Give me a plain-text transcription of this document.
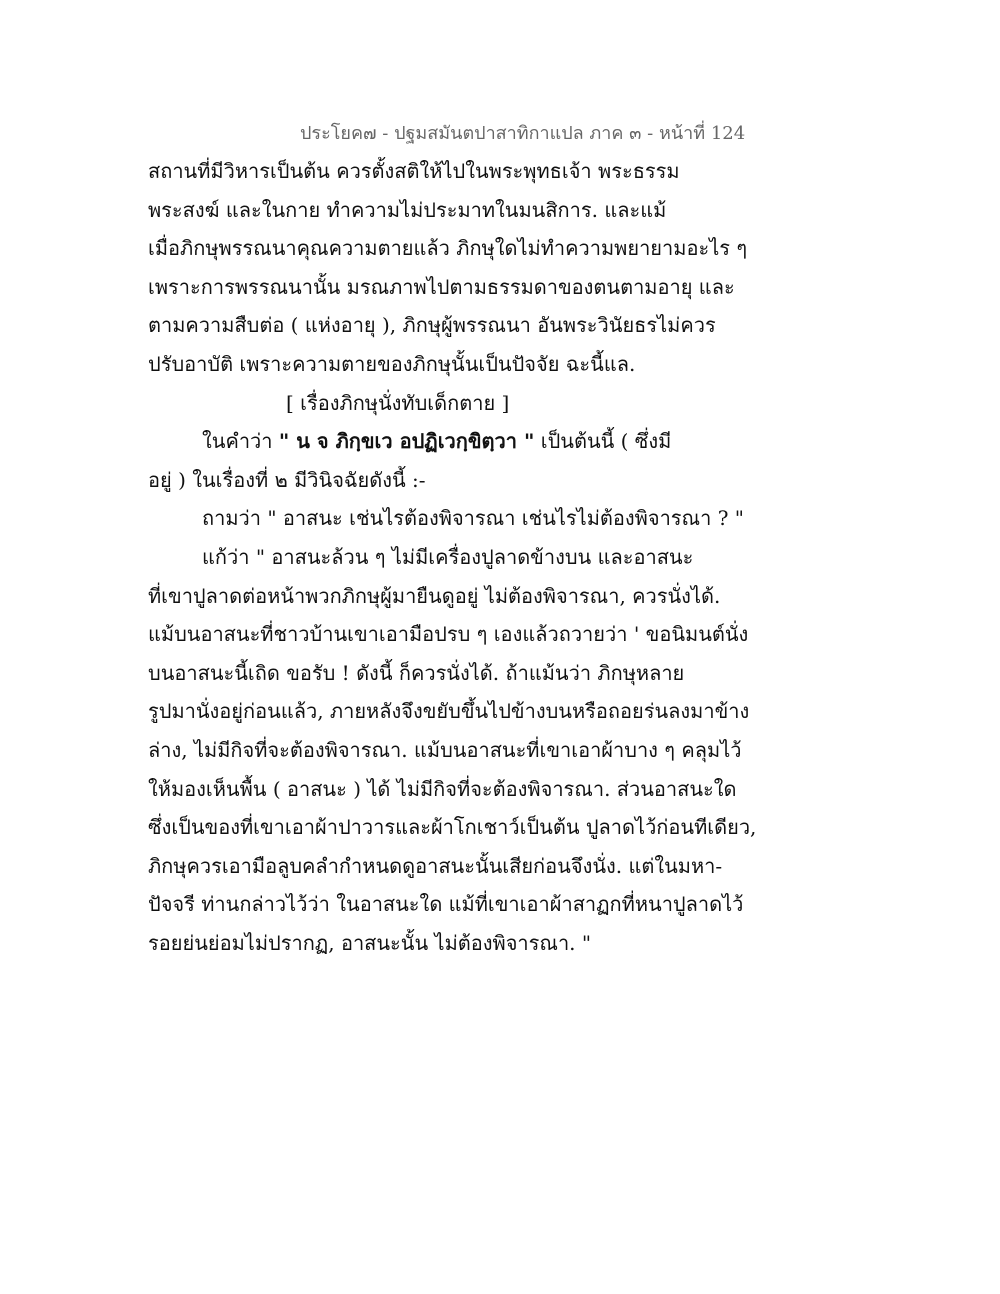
ประโยค๗ - ปฐมสมันตปาสาทิกาแปล ภาค ๓ - หน้าที่ 124
สถานที่มีวิหารเป็นต้น ควรตั้งสติให้ไปในพระพุทธเจ้า พระธรรม
พระสงฆ์ และในกาย ทำความไม่ประมาทในมนสิการ. และแม้
เมื่อภิกษุพรรณนาคุณความตายแล้ว ภิกษุใดไม่ทำความพยายามอะไร ๆ
เพราะการพรรณนานั้น มรณภาพไปตามธรรมดาของตนตามอายุ และ
ตามความสืบต่อ ( แห่งอายุ ), ภิกษุผู้พรรณนา อันพระวินัยธรไม่ควร
ปรับอาบัติ เพราะความตายของภิกษุนั้นเป็นปัจจัย ฉะนี้แล.
[ เรื่องภิกษุนั่งทับเด็กตาย ]
ในคำว่า " น จ ภิกฺขเว อปฏิเวกฺขิตฺวา " เป็นต้นนี้ ( ซึ่งมี
อยู่ ) ในเรื่องที่ ๒ มีวินิจฉัยดังนี้ :-
ถามว่า " อาสนะ เช่นไรต้องพิจารณา เช่นไรไม่ต้องพิจารณา ? "
แก้ว่า " อาสนะล้วน ๆ ไม่มีเครื่องปูลาดข้างบน และอาสนะ
ที่เขาปูลาดต่อหน้าพวกภิกษุผู้มายืนดูอยู่ ไม่ต้องพิจารณา, ควรนั่งได้.
แม้บนอาสนะที่ชาวบ้านเขาเอามือปรบ ๆ เองแล้วถวายว่า ' ขอนิมนต์นั่ง
บนอาสนะนี้เถิด ขอรับ ! ดังนี้ ก็ควรนั่งได้. ถ้าแม้นว่า ภิกษุหลาย
รูปมานั่งอยู่ก่อนแล้ว, ภายหลังจึงขยับขึ้นไปข้างบนหรือถอยร่นลงมาข้าง
ล่าง, ไม่มีกิจที่จะต้องพิจารณา. แม้บนอาสนะที่เขาเอาผ้าบาง ๆ คลุมไว้
ให้มองเห็นพื้น ( อาสนะ ) ได้ ไม่มีกิจที่จะต้องพิจารณา. ส่วนอาสนะใด
ซึ่งเป็นของที่เขาเอาผ้าปาวารและผ้าโกเชาว์เป็นต้น ปูลาดไว้ก่อนทีเดียว,
ภิกษุควรเอามือลูบคลำกำหนดดูอาสนะนั้นเสียก่อนจึงนั่ง. แต่ในมหา-
ปัจจรี ท่านกล่าวไว้ว่า ในอาสนะใด แม้ที่เขาเอาผ้าสาฏกที่หนาปูลาดไว้
รอยย่นย่อมไม่ปรากฏ, อาสนะนั้น ไม่ต้องพิจารณา. "
